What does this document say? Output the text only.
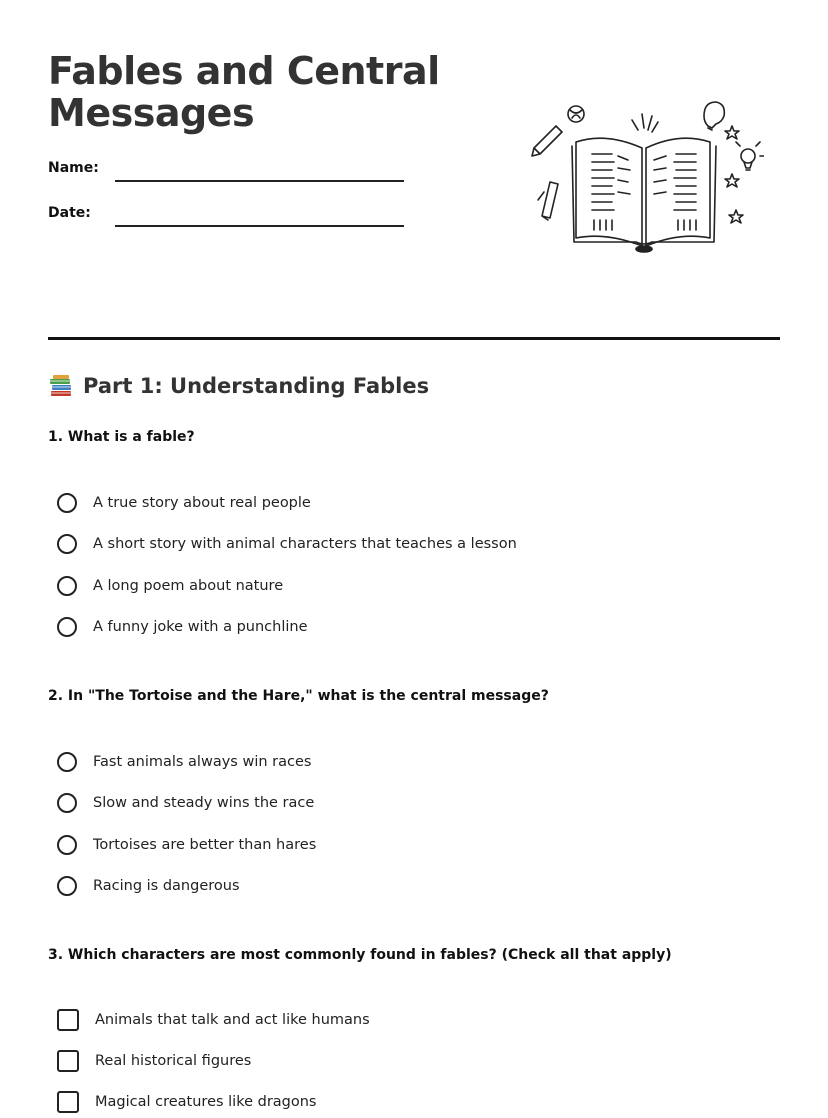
Fables and Central Messages
Name:
Date:
Part 1: Understanding Fables
1. What is a fable?
A true story about real people
A short story with animal characters that teaches a lesson
A long poem about nature
A funny joke with a punchline
2. In "The Tortoise and the Hare," what is the central message?
Fast animals always win races
Slow and steady wins the race
Tortoises are better than hares
Racing is dangerous
3. Which characters are most commonly found in fables? (Check all that apply)
Animals that talk and act like humans
Real historical figures
Magical creatures like dragons
